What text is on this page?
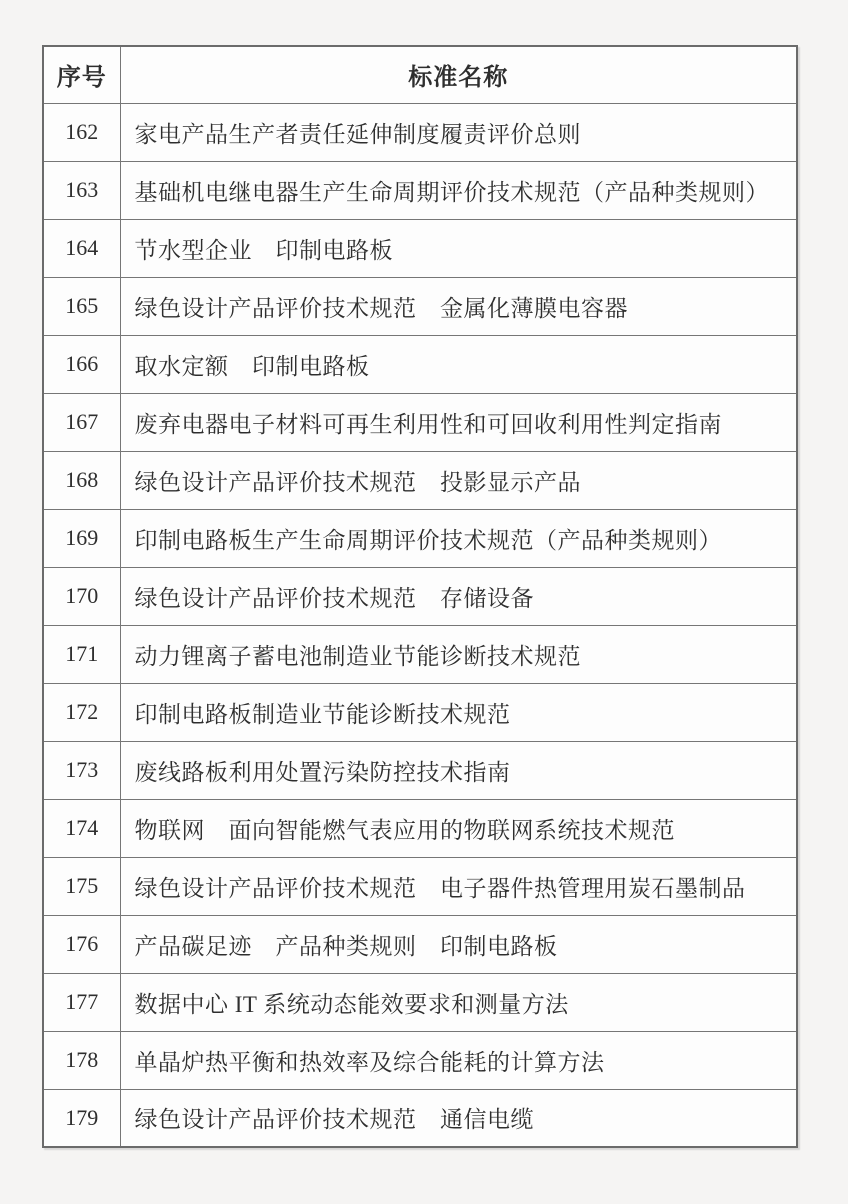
序号	标准名称
162	家电产品生产者责任延伸制度履责评价总则
163	基础机电继电器生产生命周期评价技术规范（产品种类规则）
164	节水型企业　印制电路板
165	绿色设计产品评价技术规范　金属化薄膜电容器
166	取水定额　印制电路板
167	废弃电器电子材料可再生利用性和可回收利用性判定指南
168	绿色设计产品评价技术规范　投影显示产品
169	印制电路板生产生命周期评价技术规范（产品种类规则）
170	绿色设计产品评价技术规范　存储设备
171	动力锂离子蓄电池制造业节能诊断技术规范
172	印制电路板制造业节能诊断技术规范
173	废线路板利用处置污染防控技术指南
174	物联网　面向智能燃气表应用的物联网系统技术规范
175	绿色设计产品评价技术规范　电子器件热管理用炭石墨制品
176	产品碳足迹　产品种类规则　印制电路板
177	数据中心 IT 系统动态能效要求和测量方法
178	单晶炉热平衡和热效率及综合能耗的计算方法
179	绿色设计产品评价技术规范　通信电缆
